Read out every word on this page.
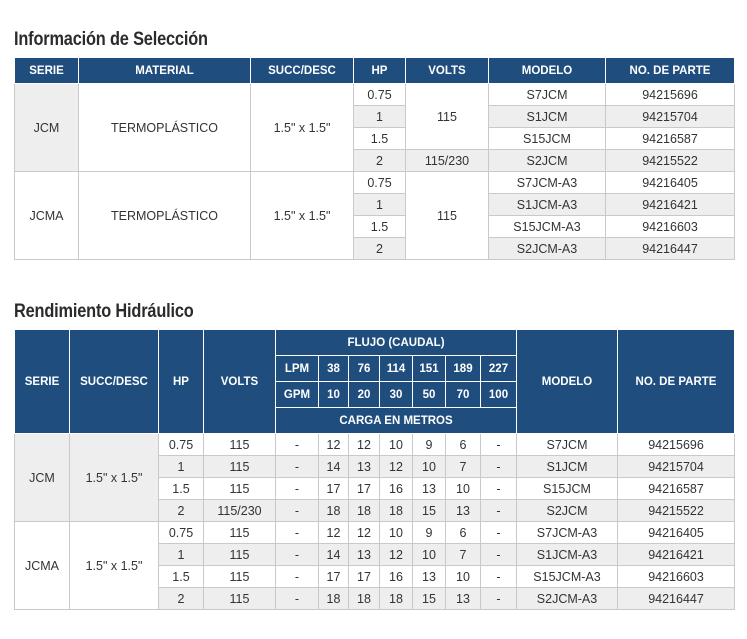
Información de Selección
SERIE	MATERIAL	SUCC/DESC	HP	VOLTS	MODELO	NO. DE PARTE
JCM	TERMOPLÁSTICO	1.5" x 1.5"	0.75	115	S7JCM	94215696
			1		S1JCM	94215704
			1.5		S15JCM	94216587
			2	115/230	S2JCM	94215522
JCMA	TERMOPLÁSTICO	1.5" x 1.5"	0.75	115	S7JCM-A3	94216405
			1		S1JCM-A3	94216421
			1.5		S15JCM-A3	94216603
			2		S2JCM-A3	94216447
Rendimiento Hidráulico
SERIE	SUCC/DESC	HP	VOLTS	FLUJO (CAUDAL)							MODELO	NO. DE PARTE
				LPM	38	76	114	151	189	227		
				GPM	10	20	30	50	70	100		
				CARGA EN METROS								
JCM	1.5" x 1.5"	0.75	115	-	12	12	10	9	6	-	S7JCM	94215696
		1	115	-	14	13	12	10	7	-	S1JCM	94215704
		1.5	115	-	17	17	16	13	10	-	S15JCM	94216587
		2	115/230	-	18	18	18	15	13	-	S2JCM	94215522
JCMA	1.5" x 1.5"	0.75	115	-	12	12	10	9	6	-	S7JCM-A3	94216405
		1	115	-	14	13	12	10	7	-	S1JCM-A3	94216421
		1.5	115	-	17	17	16	13	10	-	S15JCM-A3	94216603
		2	115	-	18	18	18	15	13	-	S2JCM-A3	94216447
